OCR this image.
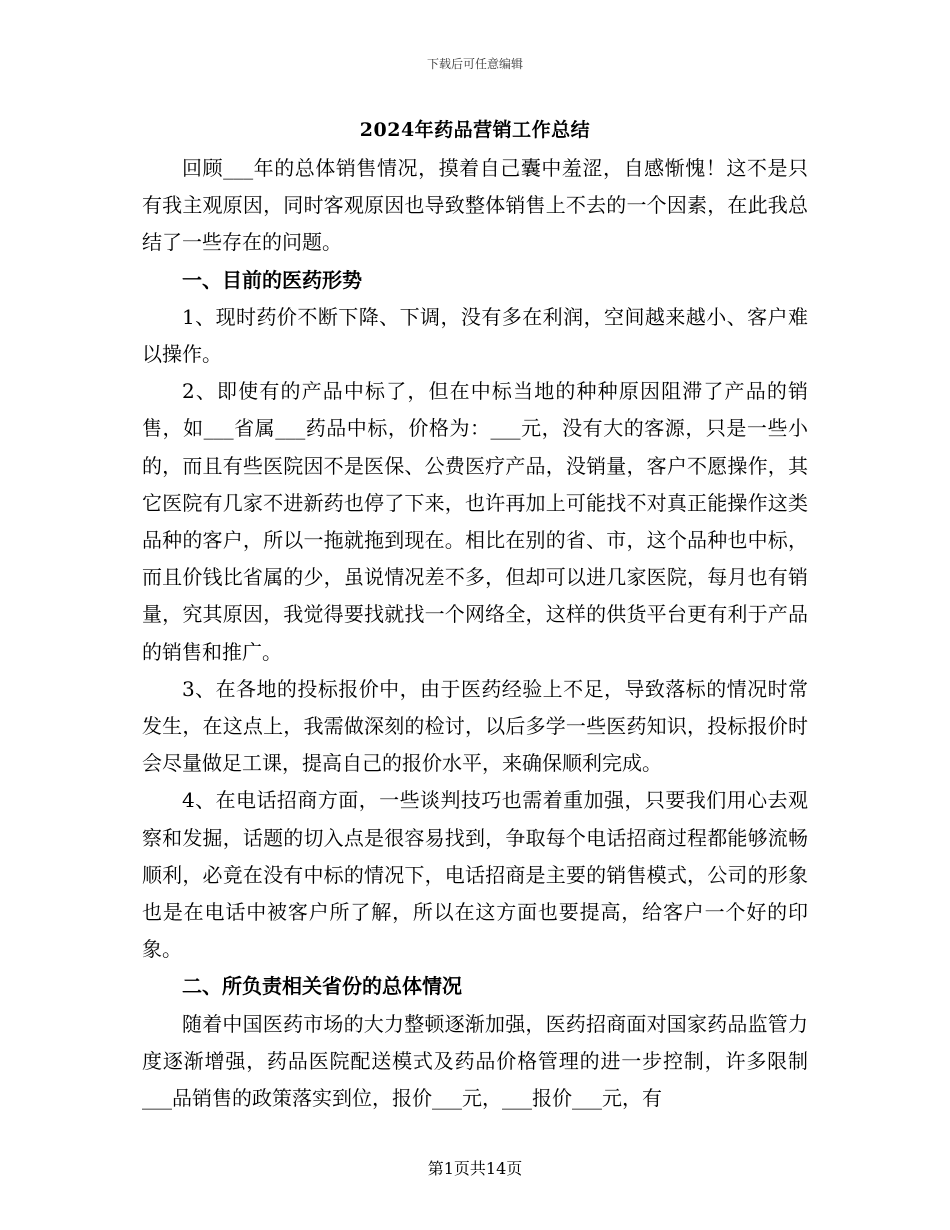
下载后可任意编辑
2024年药品营销工作总结

回顾___年的总体销售情况，摸着自己囊中羞涩，自感惭愧！这不是只有我主观原因，同时客观原因也导致整体销售上不去的一个因素，在此我总结了一些存在的问题。

一、目前的医药形势

1、现时药价不断下降、下调，没有多在利润，空间越来越小、客户难以操作。

2、即使有的产品中标了，但在中标当地的种种原因阻滞了产品的销售，如___省属___药品中标，价格为：___元，没有大的客源，只是一些小的，而且有些医院因不是医保、公费医疗产品，没销量，客户不愿操作，其它医院有几家不进新药也停了下来，也许再加上可能找不对真正能操作这类品种的客户，所以一拖就拖到现在。相比在别的省、市，这个品种也中标，而且价钱比省属的少，虽说情况差不多，但却可以进几家医院，每月也有销量，究其原因，我觉得要找就找一个网络全，这样的供货平台更有利于产品的销售和推广。

3、在各地的投标报价中，由于医药经验上不足，导致落标的情况时常发生，在这点上，我需做深刻的检讨，以后多学一些医药知识，投标报价时会尽量做足工课，提高自己的报价水平，来确保顺利完成。

4、在电话招商方面，一些谈判技巧也需着重加强，只要我们用心去观察和发掘，话题的切入点是很容易找到，争取每个电话招商过程都能够流畅顺利，必竟在没有中标的情况下，电话招商是主要的销售模式，公司的形象也是在电话中被客户所了解，所以在这方面也要提高，给客户一个好的印象。

二、所负责相关省份的总体情况

随着中国医药市场的大力整顿逐渐加强，医药招商面对国家药品监管力度逐渐增强，药品医院配送模式及药品价格管理的进一步控制，许多限制___品销售的政策落实到位，报价___元，___报价___元，有

第1页共14页
